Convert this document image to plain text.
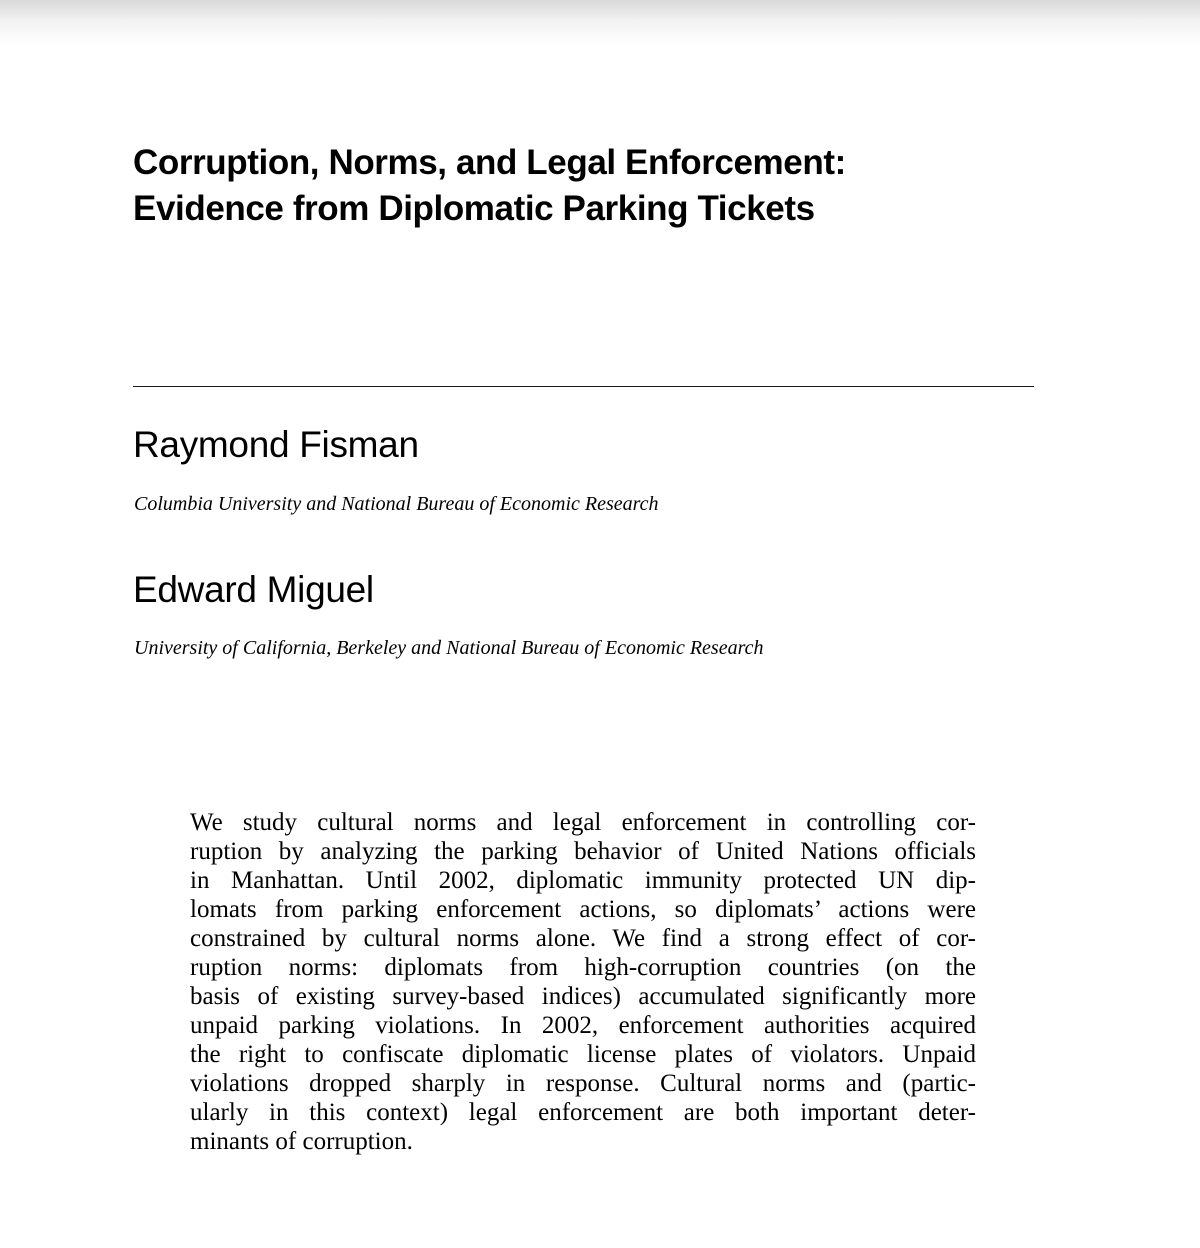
Corruption, Norms, and Legal Enforcement:
Evidence from Diplomatic Parking Tickets
Raymond Fisman

Columbia University and National Bureau of Economic Research

Edward Miguel

University of California, Berkeley and National Bureau of Economic Research

We study cultural norms and legal enforcement in controlling cor-
ruption by analyzing the parking behavior of United Nations officials
in Manhattan. Until 2002, diplomatic immunity protected UN dip-
lomats from parking enforcement actions, so diplomats’ actions were
constrained by cultural norms alone. We find a strong effect of cor-
ruption norms: diplomats from high-corruption countries (on the
basis of existing survey-based indices) accumulated significantly more
unpaid parking violations. In 2002, enforcement authorities acquired
the right to confiscate diplomatic license plates of violators. Unpaid
violations dropped sharply in response. Cultural norms and (partic-
ularly in this context) legal enforcement are both important deter-
minants of corruption.
